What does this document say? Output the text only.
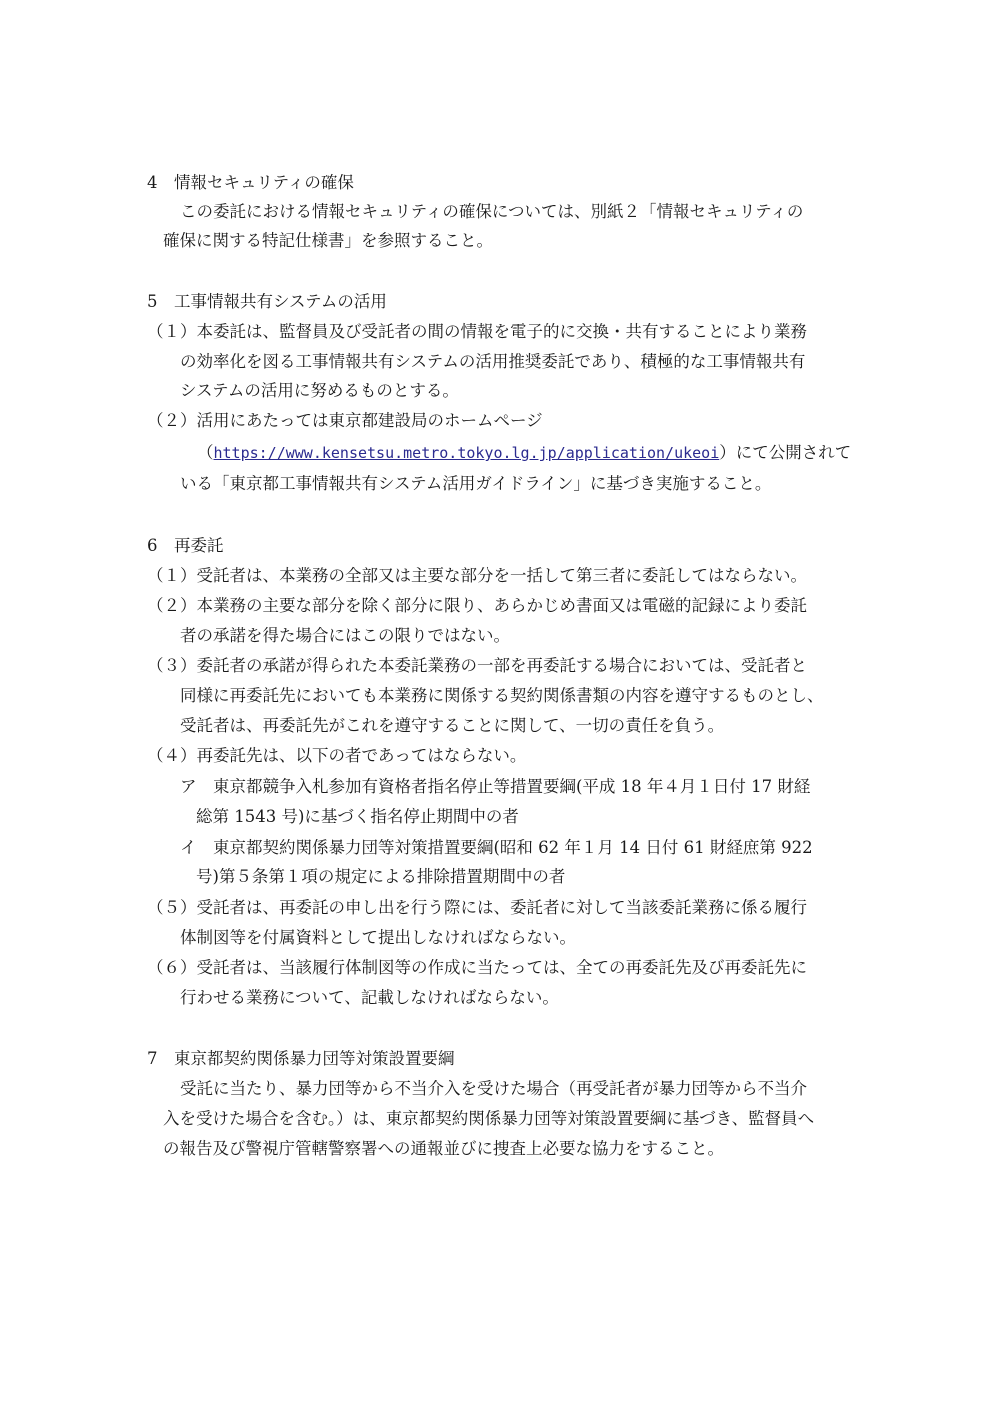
4　情報セキュリティの確保
この委託における情報セキュリティの確保については、別紙２「情報セキュリティの
確保に関する特記仕様書」を参照すること。
5　工事情報共有システムの活用
（１）本委託は、監督員及び受託者の間の情報を電子的に交換・共有することにより業務
の効率化を図る工事情報共有システムの活用推奨委託であり、積極的な工事情報共有
システムの活用に努めるものとする。
（２）活用にあたっては東京都建設局のホームページ
（https://www.kensetsu.metro.tokyo.lg.jp/application/ukeoi）にて公開されて
いる「東京都工事情報共有システム活用ガイドライン」に基づき実施すること。
6　再委託
（１）受託者は、本業務の全部又は主要な部分を一括して第三者に委託してはならない。
（２）本業務の主要な部分を除く部分に限り、あらかじめ書面又は電磁的記録により委託
者の承諾を得た場合にはこの限りではない。
（３）委託者の承諾が得られた本委託業務の一部を再委託する場合においては、受託者と
同様に再委託先においても本業務に関係する契約関係書類の内容を遵守するものとし、
受託者は、再委託先がこれを遵守することに関して、一切の責任を負う。
（４）再委託先は、以下の者であってはならない。
ア　東京都競争入札参加有資格者指名停止等措置要綱(平成 18 年４月１日付 17 財経
総第 1543 号)に基づく指名停止期間中の者
イ　東京都契約関係暴力団等対策措置要綱(昭和 62 年１月 14 日付 61 財経庶第 922
号)第５条第１項の規定による排除措置期間中の者
（５）受託者は、再委託の申し出を行う際には、委託者に対して当該委託業務に係る履行
体制図等を付属資料として提出しなければならない。
（６）受託者は、当該履行体制図等の作成に当たっては、全ての再委託先及び再委託先に
行わせる業務について、記載しなければならない。
7　東京都契約関係暴力団等対策設置要綱
受託に当たり、暴力団等から不当介入を受けた場合（再受託者が暴力団等から不当介
入を受けた場合を含む。）は、東京都契約関係暴力団等対策設置要綱に基づき、監督員へ
の報告及び警視庁管轄警察署への通報並びに捜査上必要な協力をすること。
